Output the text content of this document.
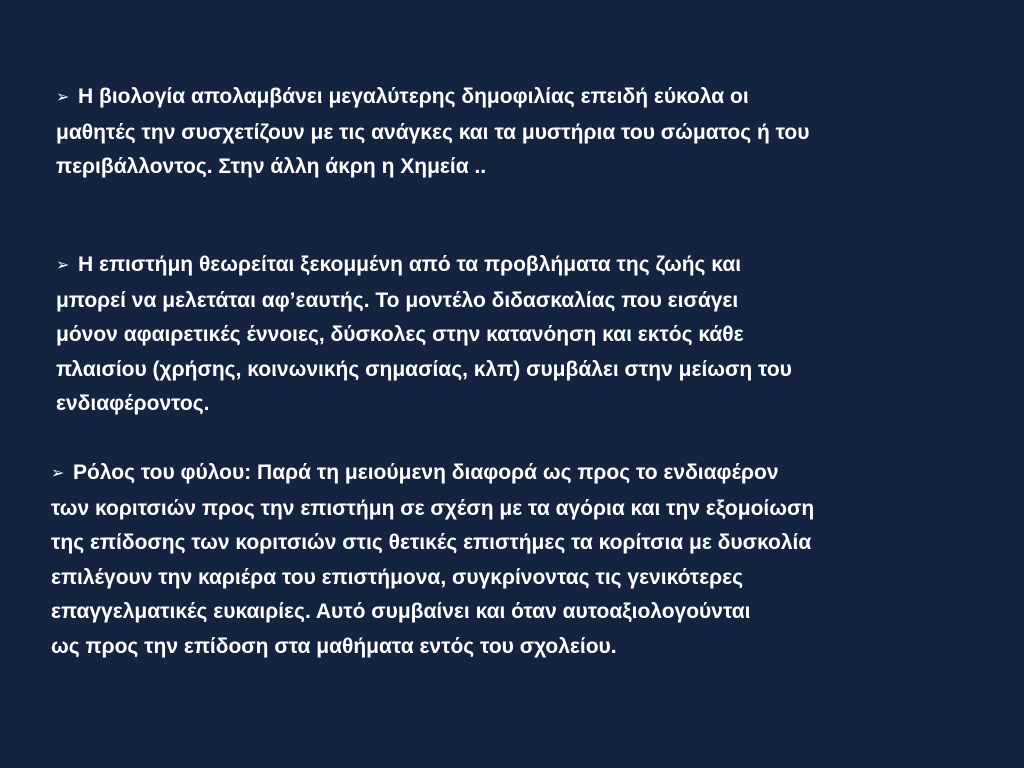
➢ Η βιολογία απολαμβάνει μεγαλύτερης δημοφιλίας επειδή εύκολα οι
μαθητές την συσχετίζουν με τις ανάγκες και τα μυστήρια του σώματος ή του
περιβάλλοντος. Στην άλλη άκρη η Χημεία ..
➢ Η επιστήμη θεωρείται ξεκομμένη από τα προβλήματα της ζωής και
μπορεί να μελετάται αφ’εαυτής. Το μοντέλο διδασκαλίας που εισάγει
μόνον αφαιρετικές έννοιες, δύσκολες στην κατανόηση και εκτός κάθε
πλαισίου (χρήσης, κοινωνικής σημασίας, κλπ) συμβάλει στην μείωση του
ενδιαφέροντος.
➢ Ρόλος του φύλου: Παρά τη μειούμενη διαφορά ως προς το ενδιαφέρον
των κοριτσιών προς την επιστήμη σε σχέση με τα αγόρια και την εξομοίωση
της επίδοσης των κοριτσιών στις θετικές επιστήμες τα κορίτσια με δυσκολία
επιλέγουν την καριέρα του επιστήμονα, συγκρίνοντας τις γενικότερες
επαγγελματικές ευκαιρίες. Αυτό συμβαίνει και όταν αυτοαξιολογούνται
ως προς την επίδοση στα μαθήματα εντός του σχολείου.
